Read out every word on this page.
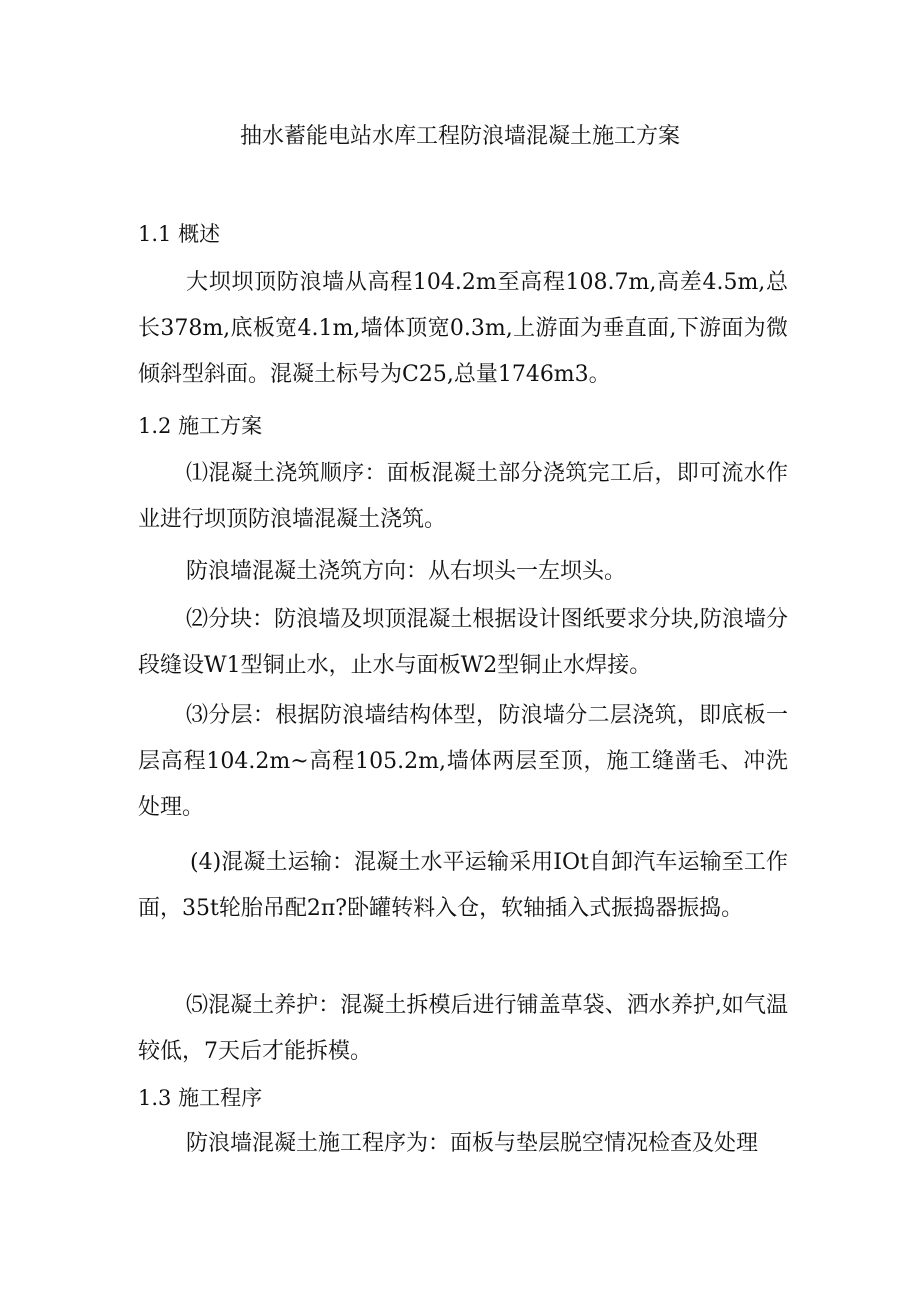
抽水蓄能电站水库工程防浪墙混凝土施工方案
1.1 概述

大坝坝顶防浪墙从高程104.2m至高程108.7m,高差4.5m,总长378m,底板宽4.1m,墙体顶宽0.3m,上游面为垂直面,下游面为微倾斜型斜面。混凝土标号为C25,总量1746m3。

1.2 施工方案

⑴混凝土浇筑顺序：面板混凝土部分浇筑完工后，即可流水作业进行坝顶防浪墙混凝土浇筑。

防浪墙混凝土浇筑方向：从右坝头一左坝头。

⑵分块：防浪墙及坝顶混凝土根据设计图纸要求分块,防浪墙分段缝设W1型铜止水，止水与面板W2型铜止水焊接。

⑶分层：根据防浪墙结构体型，防浪墙分二层浇筑，即底板一层高程104.2m~高程105.2m,墙体两层至顶，施工缝凿毛、冲洗处理。

(4)混凝土运输：混凝土水平运输采用IOt自卸汽车运输至工作面，35t轮胎吊配2π?卧罐转料入仓，软轴插入式振捣器振捣。

⑸混凝土养护：混凝土拆模后进行铺盖草袋、洒水养护,如气温较低，7天后才能拆模。

1.3 施工程序

防浪墙混凝土施工程序为：面板与垫层脱空情况检查及处理
